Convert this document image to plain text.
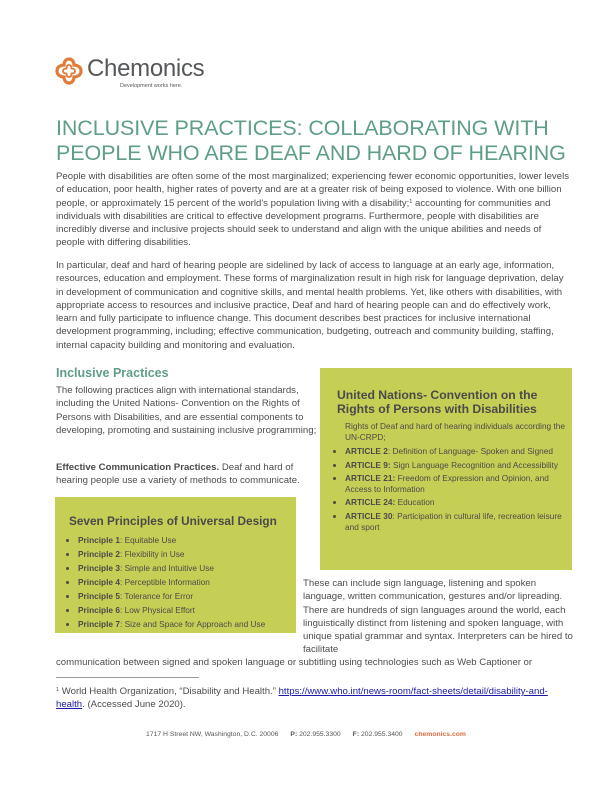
Chemonics
Development works here.
INCLUSIVE PRACTICES: COLLABORATING WITH PEOPLE WHO ARE DEAF AND HARD OF HEARING

People with disabilities are often some of the most marginalized; experiencing fewer economic opportunities, lower levels of education, poor health, higher rates of poverty and are at a greater risk of being exposed to violence. With one billion people, or approximately 15 percent of the world's population living with a disability;$^1$ accounting for communities and individuals with disabilities are critical to effective development programs. Furthermore, people with disabilities are incredibly diverse and inclusive projects should seek to understand and align with the unique abilities and needs of people with differing disabilities.

In particular, deaf and hard of hearing people are sidelined by lack of access to language at an early age, information, resources, education and employment. These forms of marginalization result in high risk for language deprivation, delay in development of communication and cognitive skills, and mental health problems. Yet, like others with disabilities, with appropriate access to resources and inclusive practice, Deaf and hard of hearing people can and do effectively work, learn and fully participate to influence change. This document describes best practices for inclusive international development programming, including; effective communication, budgeting, outreach and community building, staffing, internal capacity building and monitoring and evaluation.

Inclusive Practices

The following practices align with international standards, including the United Nations- Convention on the Rights of Persons with Disabilities, and are essential components to developing, promoting and sustaining inclusive programming;

Effective Communication Practices. Deaf and hard of hearing people use a variety of methods to communicate.

United Nations- Convention on the Rights of Persons with Disabilities
Rights of Deaf and hard of hearing individuals according the UN-CRPD;
• ARTICLE 2: Definition of Language- Spoken and Signed
• ARTICLE 9: Sign Language Recognition and Accessibility
• ARTICLE 21: Freedom of Expression and Opinion, and Access to Information
• ARTICLE 24: Education
• ARTICLE 30: Participation in cultural life, recreation leisure and sport
Seven Principles of Universal Design
• Principle 1: Equitable Use
• Principle 2: Flexibility in Use
• Principle 3: Simple and Intuitive Use
• Principle 4: Perceptible Information
• Principle 5: Tolerance for Error
• Principle 6: Low Physical Effort
• Principle 7: Size and Space for Approach and Use

These can include sign language, listening and spoken language, written communication, gestures and/or lipreading. There are hundreds of sign languages around the world, each linguistically distinct from listening and spoken language, with unique spatial grammar and syntax. Interpreters can be hired to facilitate

communication between signed and spoken language or subtitling using technologies such as Web Captioner or

$^1$ World Health Organization, “Disability and Health.” https://www.who.int/news-room/fact-sheets/detail/disability-and-health. (Accessed June 2020).

1717 H Street NW, Washington, D.C. 20006 P: 202.955.3300 F: 202.955.3400 chemonics.com
